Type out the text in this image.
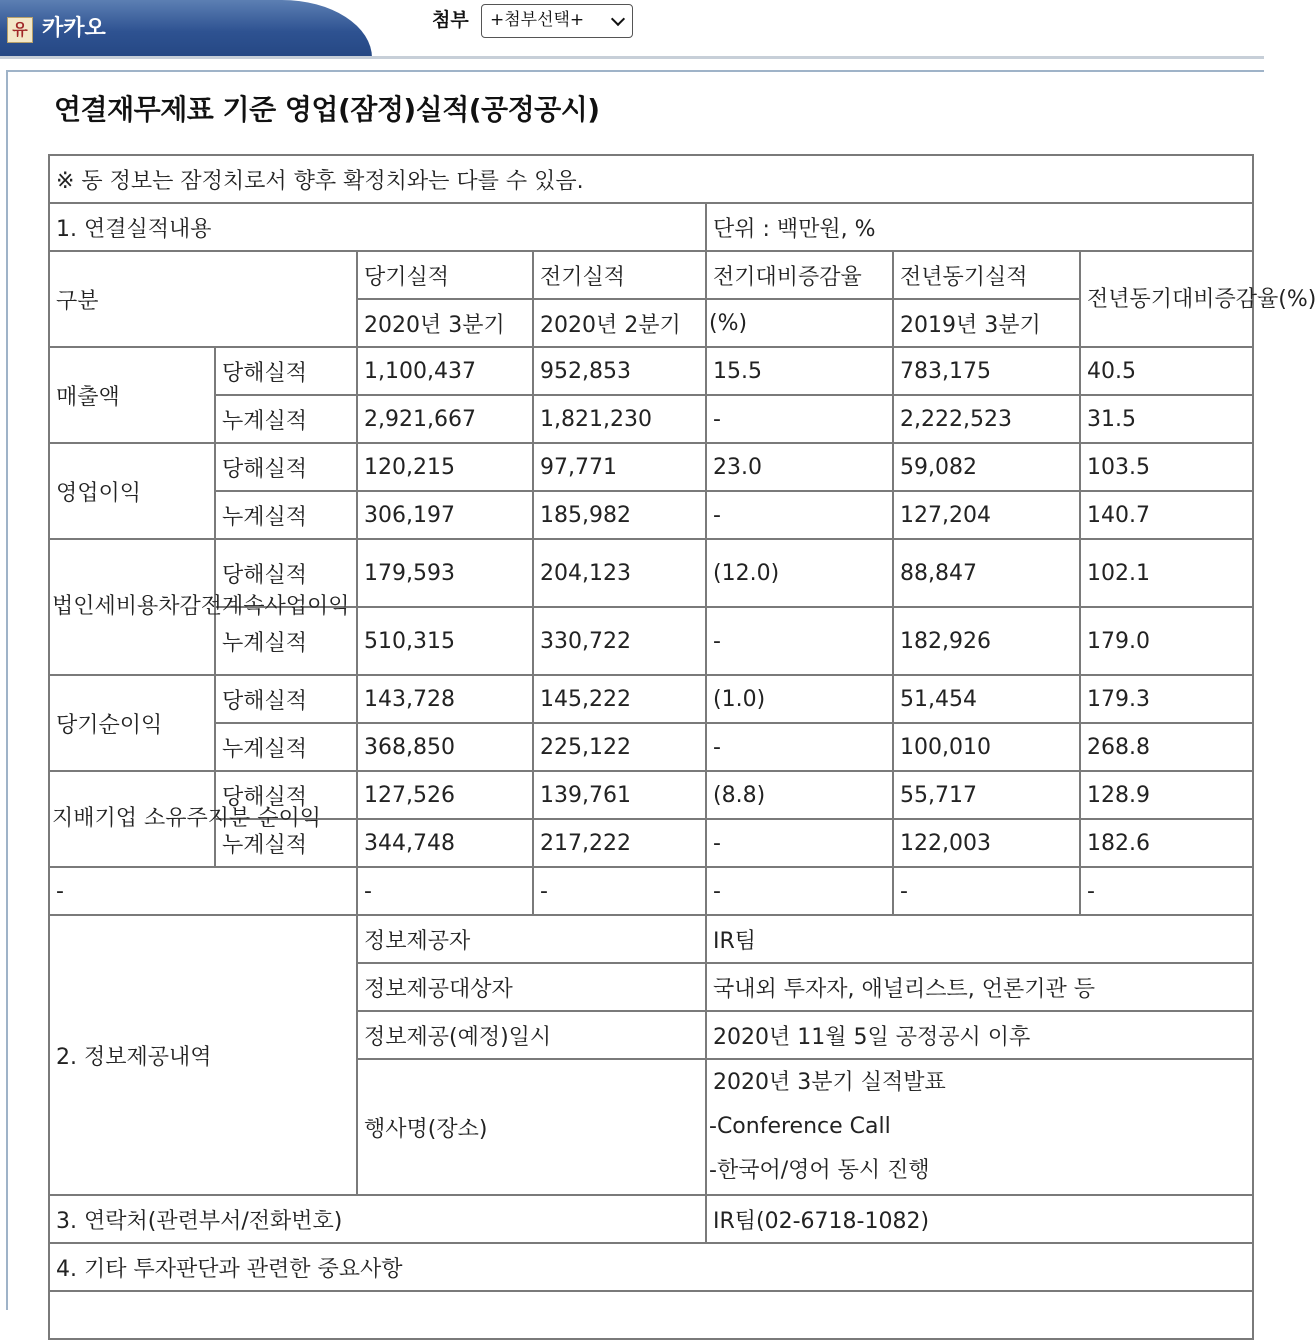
유 카카오	첨부	+첨부선택+
연결재무제표 기준 영업(잠정)실적(공정공시)
※ 동 정보는 잠정치로서 향후 확정치와는 다를 수 있음.						
1. 연결실적내용				단위 : 백만원, %		
구분		당기실적	전기실적	전기대비증감율	전년동기실적	전년동기대비증감율(%)
		2020년 3분기	2020년 2분기	(%)	2019년 3분기	
매출액	당해실적	1,100,437	952,853	15.5	783,175	40.5
	누계실적	2,921,667	1,821,230	-	2,222,523	31.5
영업이익	당해실적	120,215	97,771	23.0	59,082	103.5
	누계실적	306,197	185,982	-	127,204	140.7
법인세비용차감전계속사업이익	당해실적	179,593	204,123	(12.0)	88,847	102.1
	누계실적	510,315	330,722	-	182,926	179.0
당기순이익	당해실적	143,728	145,222	(1.0)	51,454	179.3
	누계실적	368,850	225,122	-	100,010	268.8
지배기업 소유주지분 순이익	당해실적	127,526	139,761	(8.8)	55,717	128.9
	누계실적	344,748	217,222	-	122,003	182.6
-		-	-	-	-	-
2. 정보제공내역		정보제공자		IR팀		
		정보제공대상자		국내외 투자자, 애널리스트, 언론기관 등		
		정보제공(예정)일시		2020년 11월 5일 공정공시 이후		
		행사명(장소)		2020년 3분기 실적발표
-Conference Call
-한국어/영어 동시 진행		

3. 연락처(관련부서/전화번호)				IR팀(02-6718-1082)		
4. 기타 투자판단과 관련한 중요사항						
